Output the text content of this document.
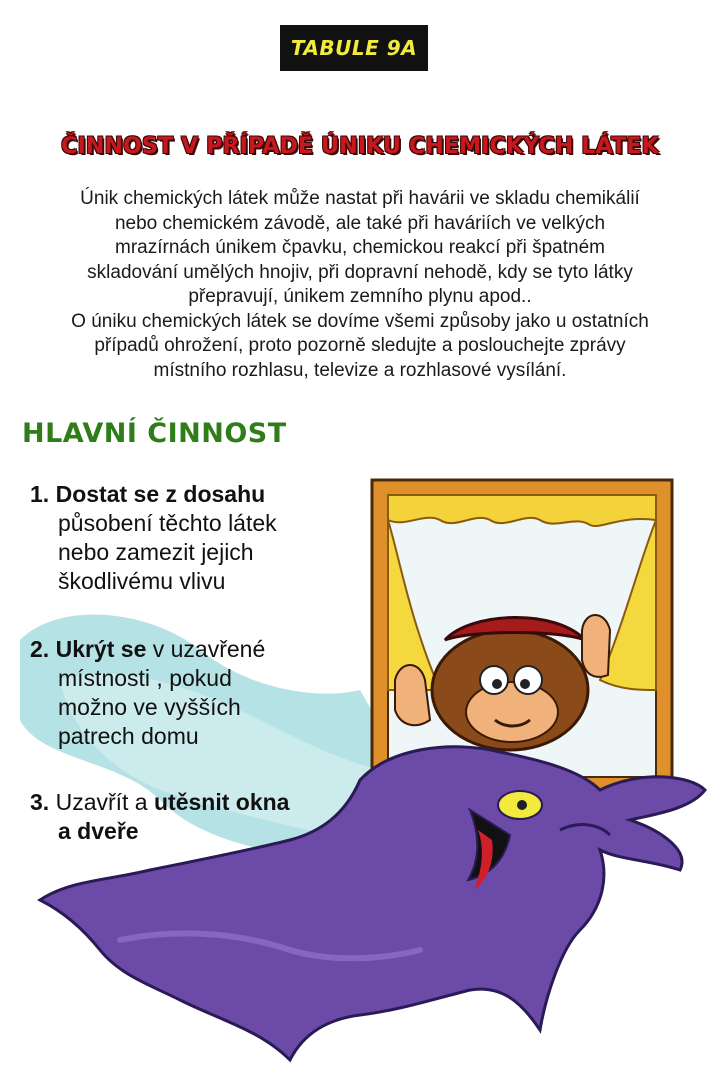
TABULE 9A
ČINNOST V PŘÍPADĚ ÚNIKU CHEMICKÝCH LÁTEK
Únik chemických látek může nastat při havárii ve skladu chemikálií
nebo chemickém závodě, ale také při haváriích ve velkých
mrazírnách únikem čpavku, chemickou reakcí při špatném
skladování umělých hnojiv, při dopravní nehodě, kdy se tyto látky
přepravují, únikem zemního plynu apod..
O úniku chemických látek se dovíme všemi způsoby jako u ostatních
případů ohrožení, proto pozorně sledujte a poslouchejte zprávy
místního rozhlasu, televize a rozhlasové vysílání.
HLAVNÍ ČINNOST
1. Dostat se z dosahu
působení těchto látek
nebo zamezit jejich
škodlivému vlivu
2. Ukrýt se v uzavřené
místnosti , pokud
možno ve vyšších
patrech domu
3. Uzavřít a utěsnit okna
a dveře
